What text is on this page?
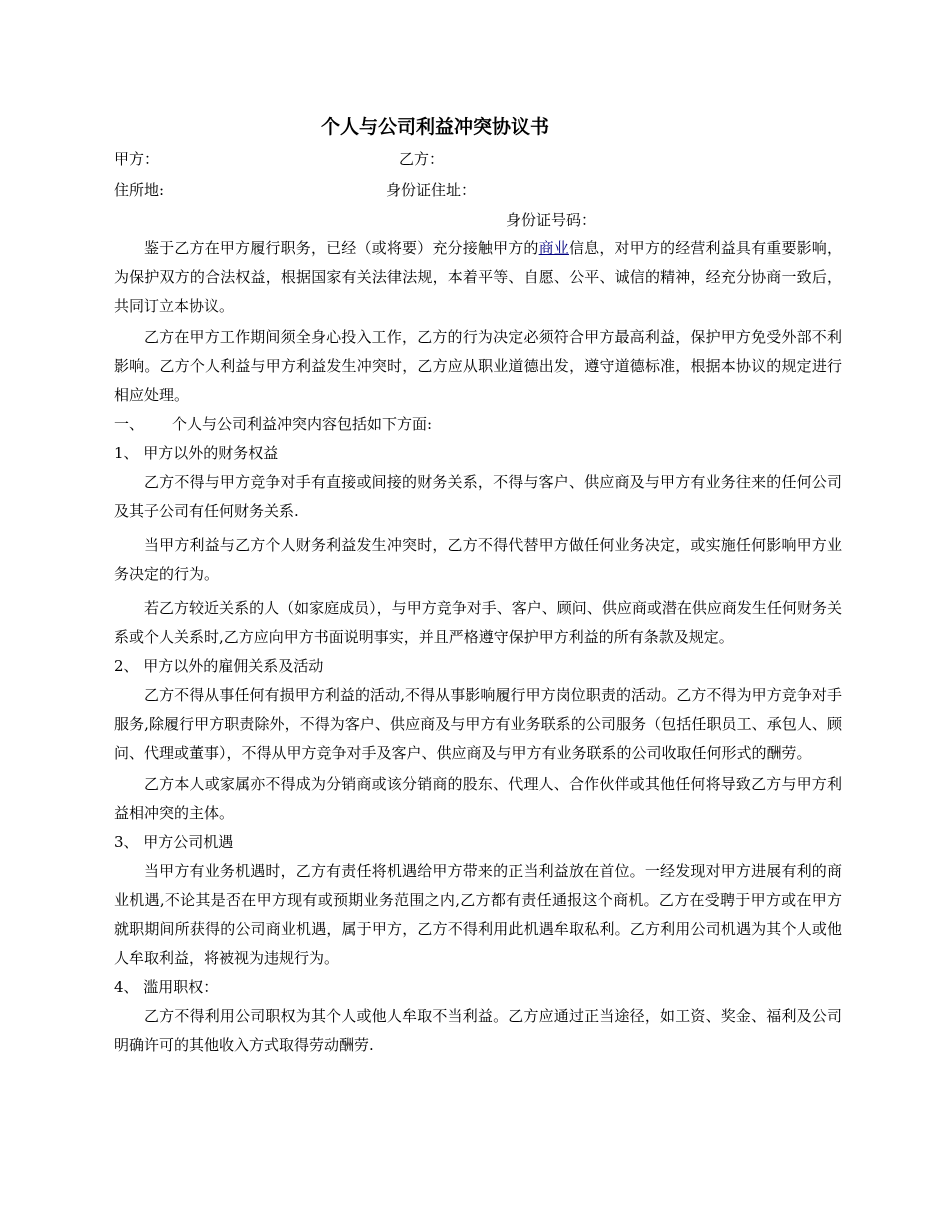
个人与公司利益冲突协议书
甲方：	乙方：
住所地:	身份证住址：
身份证号码：

鉴于乙方在甲方履行职务，已经（或将要）充分接触甲方的商业信息，对甲方的经营利益具有重要影响，为保护双方的合法权益，根据国家有关法律法规，本着平等、自愿、公平、诚信的精神，经充分协商一致后，共同订立本协议。

乙方在甲方工作期间须全身心投入工作，乙方的行为决定必须符合甲方最高利益，保护甲方免受外部不利影响。乙方个人利益与甲方利益发生冲突时，乙方应从职业道德出发，遵守道德标准，根据本协议的规定进行相应处理。

一、 个人与公司利益冲突内容包括如下方面:

1、 甲方以外的财务权益

乙方不得与甲方竞争对手有直接或间接的财务关系，不得与客户、供应商及与甲方有业务往来的任何公司及其子公司有任何财务关系.

当甲方利益与乙方个人财务利益发生冲突时，乙方不得代替甲方做任何业务决定，或实施任何影响甲方业务决定的行为。

若乙方较近关系的人（如家庭成员），与甲方竞争对手、客户、顾问、供应商或潜在供应商发生任何财务关系或个人关系时,乙方应向甲方书面说明事实，并且严格遵守保护甲方利益的所有条款及规定。

2、 甲方以外的雇佣关系及活动

乙方不得从事任何有损甲方利益的活动,不得从事影响履行甲方岗位职责的活动。乙方不得为甲方竞争对手服务,除履行甲方职责除外，不得为客户、供应商及与甲方有业务联系的公司服务（包括任职员工、承包人、顾问、代理或董事），不得从甲方竞争对手及客户、供应商及与甲方有业务联系的公司收取任何形式的酬劳。

乙方本人或家属亦不得成为分销商或该分销商的股东、代理人、合作伙伴或其他任何将导致乙方与甲方利益相冲突的主体。

3、 甲方公司机遇

当甲方有业务机遇时，乙方有责任将机遇给甲方带来的正当利益放在首位。一经发现对甲方进展有利的商业机遇,不论其是否在甲方现有或预期业务范围之内,乙方都有责任通报这个商机。乙方在受聘于甲方或在甲方就职期间所获得的公司商业机遇，属于甲方，乙方不得利用此机遇牟取私利。乙方利用公司机遇为其个人或他人牟取利益，将被视为违规行为。

4、 滥用职权：

乙方不得利用公司职权为其个人或他人牟取不当利益。乙方应通过正当途径，如工资、奖金、福利及公司明确许可的其他收入方式取得劳动酬劳.
